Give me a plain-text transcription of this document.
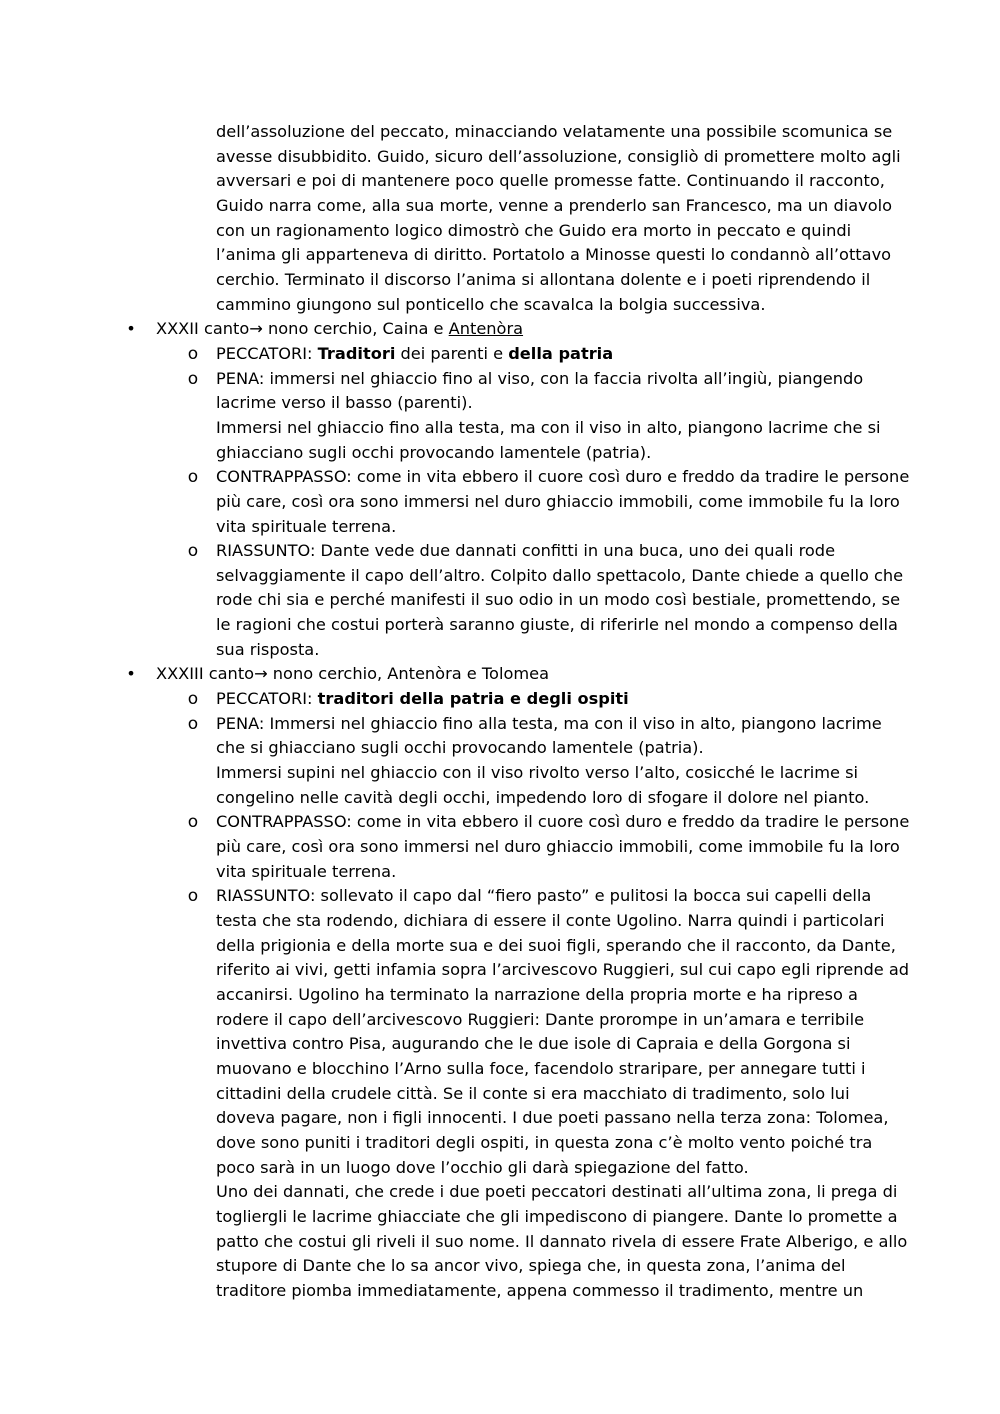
dell’assoluzione del peccato, minacciando velatamente una possibile scomunica se avesse disubbidito. Guido, sicuro dell’assoluzione, consigliò di promettere molto agli avversari e poi di mantenere poco quelle promesse fatte. Continuando il racconto, Guido narra come, alla sua morte, venne a prenderlo san Francesco, ma un diavolo con un ragionamento logico dimostrò che Guido era morto in peccato e quindi l’anima gli apparteneva di diritto. Portatolo a Minosse questi lo condannò all’ottavo cerchio. Terminato il discorso l’anima si allontana dolente e i poeti riprendendo il cammino giungono sul ponticello che scavalca la bolgia successiva.

• XXXII canto→ nono cerchio, Caina e Antenòra
o PECCATORI: Traditori dei parenti e della patria
o PENA: immersi nel ghiaccio fino al viso, con la faccia rivolta all’ingiù, piangendo lacrime verso il basso (parenti).
Immersi nel ghiaccio fino alla testa, ma con il viso in alto, piangono lacrime che si ghiacciano sugli occhi provocando lamentele (patria).
o CONTRAPPASSO: come in vita ebbero il cuore così duro e freddo da tradire le persone più care, così ora sono immersi nel duro ghiaccio immobili, come immobile fu la loro vita spirituale terrena.
o RIASSUNTO: Dante vede due dannati confitti in una buca, uno dei quali rode selvaggiamente il capo dell’altro. Colpito dallo spettacolo, Dante chiede a quello che rode chi sia e perché manifesti il suo odio in un modo così bestiale, promettendo, se le ragioni che costui porterà saranno giuste, di riferirle nel mondo a compenso della sua risposta.
• XXXIII canto→ nono cerchio, Antenòra e Tolomea
o PECCATORI: traditori della patria e degli ospiti
o PENA: Immersi nel ghiaccio fino alla testa, ma con il viso in alto, piangono lacrime che si ghiacciano sugli occhi provocando lamentele (patria).
Immersi supini nel ghiaccio con il viso rivolto verso l’alto, cosicché le lacrime si congelino nelle cavità degli occhi, impedendo loro di sfogare il dolore nel pianto.
o CONTRAPPASSO: come in vita ebbero il cuore così duro e freddo da tradire le persone più care, così ora sono immersi nel duro ghiaccio immobili, come immobile fu la loro vita spirituale terrena.
o RIASSUNTO: sollevato il capo dal “fiero pasto” e pulitosi la bocca sui capelli della testa che sta rodendo, dichiara di essere il conte Ugolino. Narra quindi i particolari della prigionia e della morte sua e dei suoi figli, sperando che il racconto, da Dante, riferito ai vivi, getti infamia sopra l’arcivescovo Ruggieri, sul cui capo egli riprende ad accanirsi. Ugolino ha terminato la narrazione della propria morte e ha ripreso a rodere il capo dell’arcivescovo Ruggieri: Dante prorompe in un’amara e terribile invettiva contro Pisa, augurando che le due isole di Capraia e della Gorgona si muovano e blocchino l’Arno sulla foce, facendolo straripare, per annegare tutti i cittadini della crudele città. Se il conte si era macchiato di tradimento, solo lui doveva pagare, non i figli innocenti. I due poeti passano nella terza zona: Tolomea, dove sono puniti i traditori degli ospiti, in questa zona c’è molto vento poiché tra poco sarà in un luogo dove l’occhio gli darà spiegazione del fatto.
Uno dei dannati, che crede i due poeti peccatori destinati all’ultima zona, li prega di togliergli le lacrime ghiacciate che gli impediscono di piangere. Dante lo promette a patto che costui gli riveli il suo nome. Il dannato rivela di essere Frate Alberigo, e allo stupore di Dante che lo sa ancor vivo, spiega che, in questa zona, l’anima del traditore piomba immediatamente, appena commesso il tradimento, mentre un
